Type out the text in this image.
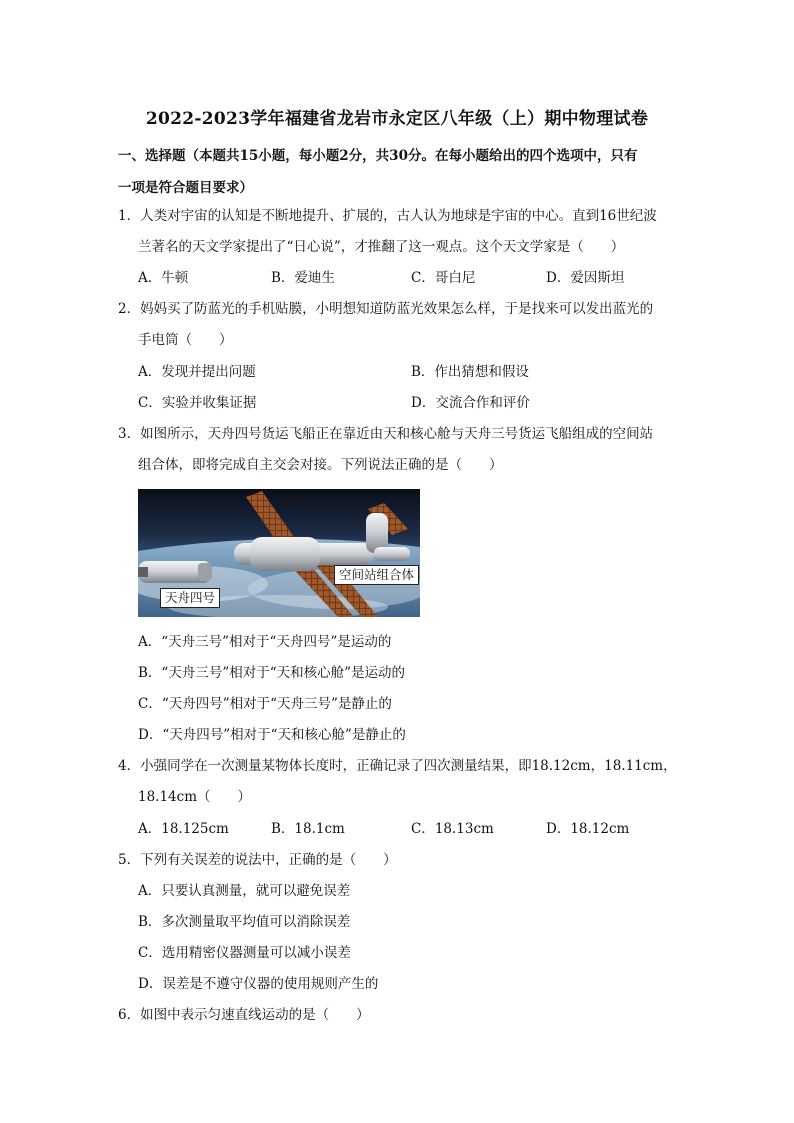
2022-2023学年福建省龙岩市永定区八年级（上）期中物理试卷
一、选择题（本题共15小题，每小题2分，共30分。在每小题给出的四个选项中，只有
一项是符合题目要求）
1．人类对宇宙的认知是不断地提升、扩展的，古人认为地球是宇宙的中心。直到16世纪波
兰著名的天文学家提出了“日心说”，才推翻了这一观点。这个天文学家是（　　）
A．牛顿	B．爱迪生	C．哥白尼	D．爱因斯坦
2．妈妈买了防蓝光的手机贴膜，小明想知道防蓝光效果怎么样，于是找来可以发出蓝光的
手电筒（　　）
A．发现并提出问题	B．作出猜想和假设
C．实验并收集证据	D．交流合作和评价
3．如图所示，天舟四号货运飞船正在靠近由天和核心舱与天舟三号货运飞船组成的空间站
组合体，即将完成自主交会对接。下列说法正确的是（　　）
空间站组合体
天舟四号
A．“天舟三号”相对于“天舟四号”是运动的
B．“天舟三号”相对于“天和核心舱”是运动的
C．“天舟四号”相对于“天舟三号”是静止的
D．“天舟四号”相对于“天和核心舱”是静止的
4．小强同学在一次测量某物体长度时，正确记录了四次测量结果，即18.12cm，18.11cm，
18.14cm（　　）
A．18.125cm	B．18.1cm	C．18.13cm	D．18.12cm
5．下列有关误差的说法中，正确的是（　　）
A．只要认真测量，就可以避免误差
B．多次测量取平均值可以消除误差
C．选用精密仪器测量可以减小误差
D．误差是不遵守仪器的使用规则产生的
6．如图中表示匀速直线运动的是（　　）
